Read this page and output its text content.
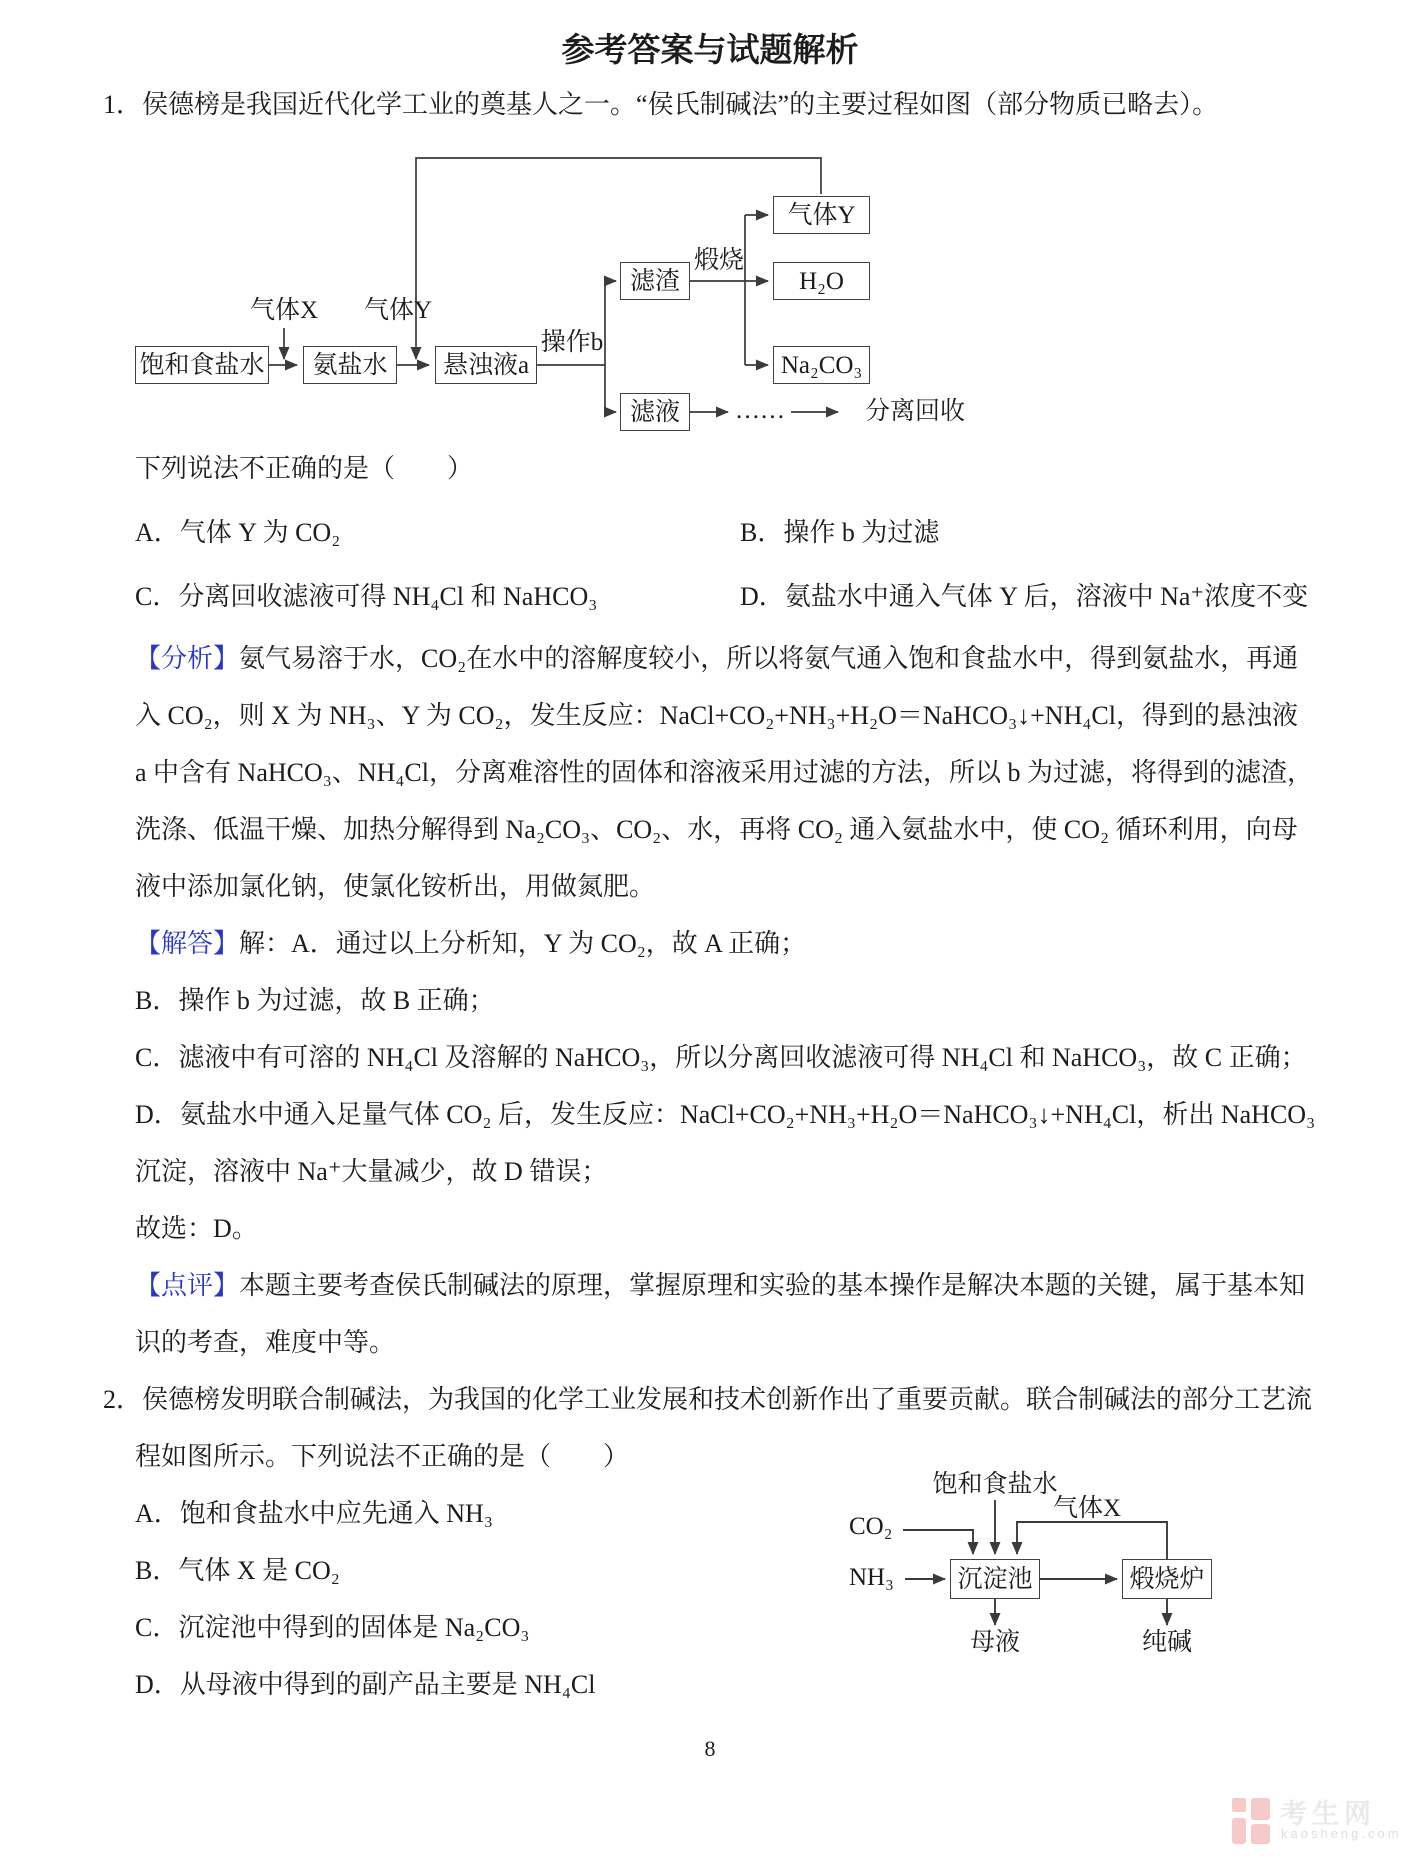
参考答案与试题解析
1．侯德榜是我国近代化学工业的奠基人之一。“侯氏制碱法”的主要过程如图（部分物质已略去）。
饱和食盐水	氨盐水	悬浊液a
滤渣
气体Y
H₂O
Na₂CO₃
滤液
气体X	气体Y
操作b
煅烧
……	分离回收
下列说法不正确的是（　　）
A．气体 Y 为 CO₂	B．操作 b 为过滤
C．分离回收滤液可得 NH₄Cl 和 NaHCO₃	D．氨盐水中通入气体 Y 后，溶液中 Na⁺浓度不变
【分析】氨气易溶于水，CO₂在水中的溶解度较小，所以将氨气通入饱和食盐水中，得到氨盐水，再通
入 CO₂，则 X 为 NH₃、Y 为 CO₂，发生反应：NaCl+CO₂+NH₃+H₂O＝NaHCO₃↓+NH₄Cl，得到的悬浊液
a 中含有 NaHCO₃、NH₄Cl，分离难溶性的固体和溶液采用过滤的方法，所以 b 为过滤，将得到的滤渣，
洗涤、低温干燥、加热分解得到 Na₂CO₃、CO₂、水，再将 CO₂ 通入氨盐水中，使 CO₂ 循环利用，向母
液中添加氯化钠，使氯化铵析出，用做氮肥。
【解答】解：A．通过以上分析知，Y 为 CO₂，故 A 正确；
B．操作 b 为过滤，故 B 正确；
C．滤液中有可溶的 NH₄Cl 及溶解的 NaHCO₃，所以分离回收滤液可得 NH₄Cl 和 NaHCO₃，故 C 正确；
D．氨盐水中通入足量气体 CO₂ 后，发生反应：NaCl+CO₂+NH₃+H₂O＝NaHCO₃↓+NH₄Cl，析出 NaHCO₃
沉淀，溶液中 Na⁺大量减少，故 D 错误；
故选：D。
【点评】本题主要考查侯氏制碱法的原理，掌握原理和实验的基本操作是解决本题的关键，属于基本知
识的考查，难度中等。
2．侯德榜发明联合制碱法，为我国的化学工业发展和技术创新作出了重要贡献。联合制碱法的部分工艺流
程如图所示。下列说法不正确的是（　　）
A．饱和食盐水中应先通入 NH₃
B．气体 X 是 CO₂
C．沉淀池中得到的固体是 Na₂CO₃
D．从母液中得到的副产品主要是 NH₄Cl
饱和食盐水
气体X
CO₂
NH₃	沉淀池	煅烧炉
母液	纯碱
8
考生网
kaosheng.com
